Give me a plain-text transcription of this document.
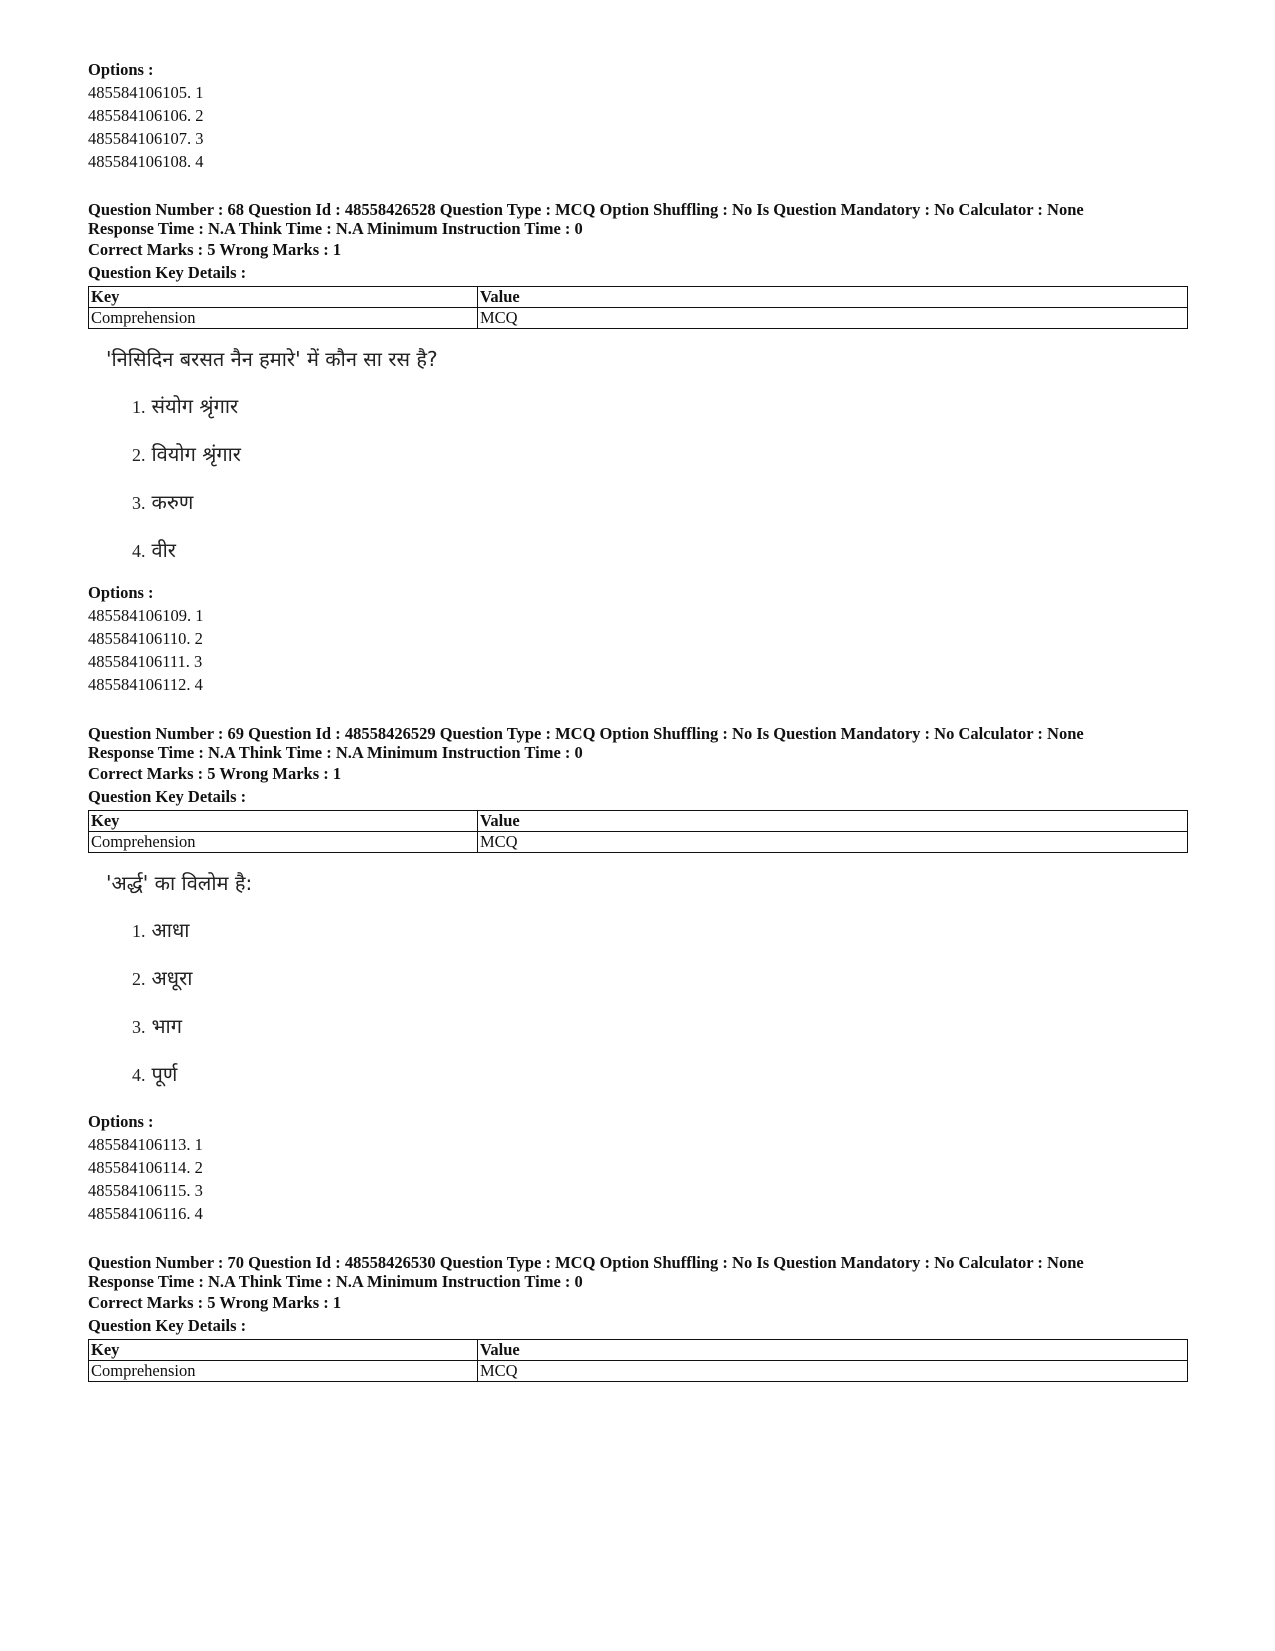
Options :
485584106105. 1
485584106106. 2
485584106107. 3
485584106108. 4
Question Number : 68 Question Id : 48558426528 Question Type : MCQ Option Shuffling : No Is Question Mandatory : No Calculator : None
Response Time : N.A Think Time : N.A Minimum Instruction Time : 0
Correct Marks : 5 Wrong Marks : 1
Question Key Details :
Key	Value
Comprehension	MCQ
'निसिदिन बरसत नैन हमारे' में कौन सा रस है?
1. संयोग श्रृंगार
2. वियोग श्रृंगार
3. करुण
4. वीर
Options :
485584106109. 1
485584106110. 2
485584106111. 3
485584106112. 4
Question Number : 69 Question Id : 48558426529 Question Type : MCQ Option Shuffling : No Is Question Mandatory : No Calculator : None
Response Time : N.A Think Time : N.A Minimum Instruction Time : 0
Correct Marks : 5 Wrong Marks : 1
Question Key Details :
Key	Value
Comprehension	MCQ
'अर्द्ध' का विलोम है:
1. आधा
2. अधूरा
3. भाग
4. पूर्ण
Options :
485584106113. 1
485584106114. 2
485584106115. 3
485584106116. 4
Question Number : 70 Question Id : 48558426530 Question Type : MCQ Option Shuffling : No Is Question Mandatory : No Calculator : None
Response Time : N.A Think Time : N.A Minimum Instruction Time : 0
Correct Marks : 5 Wrong Marks : 1
Question Key Details :
Key	Value
Comprehension	MCQ
